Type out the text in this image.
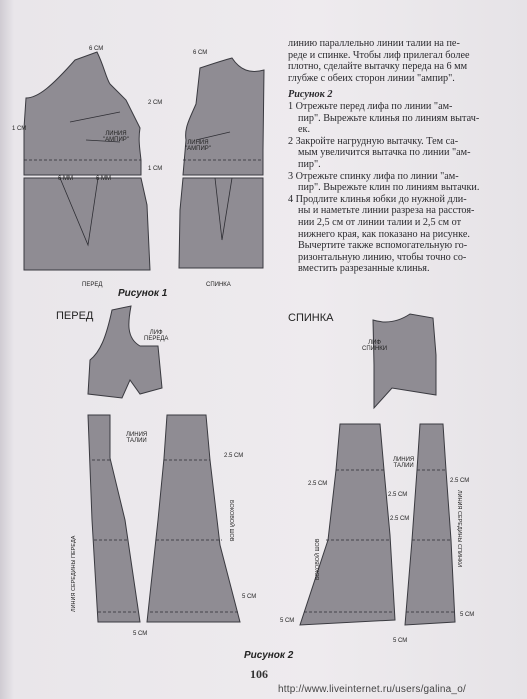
6 СМ
6 СМ
1 СМ
2 СМ
1 СМ
ЛИНИЯ
"АМПИР"	ЛИНИЯ
"АМПИР"
6 ММ	6 ММ
ПЕРЕД	СПИНКА
Рисунок 1
ПЕРЕД	СПИНКА
ЛИФ
ПЕРЕДА
ЛИФ
СПИНКИ
ЛИНИЯ
ТАЛИИ
ЛИНИЯ
ТАЛИИ
2.5 СМ
5 СМ
5 СМ
2.5 СМ
2.5 СМ
2.5 СМ
2.5 СМ
5 СМ
5 СМ
5 СМ
ЛИНИЯ СЕРЕДИНЫ ПЕРЕДА
БОКОВОЙ ШОВ
БОКОВОЙ ШОВ	ЛИНИЯ СЕРЕДИНЫ СПИНКИ
Рисунок 2

линию параллельно линии талии на пе-

реде и спинке. Чтобы лиф прилегал более

плотно, сделайте вытачку переда на 6 мм

глубже с обеих сторон линии "ампир".

Рисунок 2

1 Отрежьте перед лифа по линии "ам-

пир". Вырежьте клинья по линиям вытач-

ек.

2 Закройте нагрудную вытачку. Тем са-

мым увеличится вытачка по линии "ам-

пир".

3 Отрежьте спинку лифа по линии "ам-

пир". Вырежьте клин по линиям вытачки.

4 Продлите клинья юбки до нужной дли-

ны и наметьте линии разреза на расстоя-

нии 2,5 см от линии талии и 2,5 см от

нижнего края, как показано на рисунке.

Вычертите также вспомогательную го-

ризонтальную линию, чтобы точно со-

вместить разрезанные клинья.

106
http://www.liveinternet.ru/users/galina_o/
